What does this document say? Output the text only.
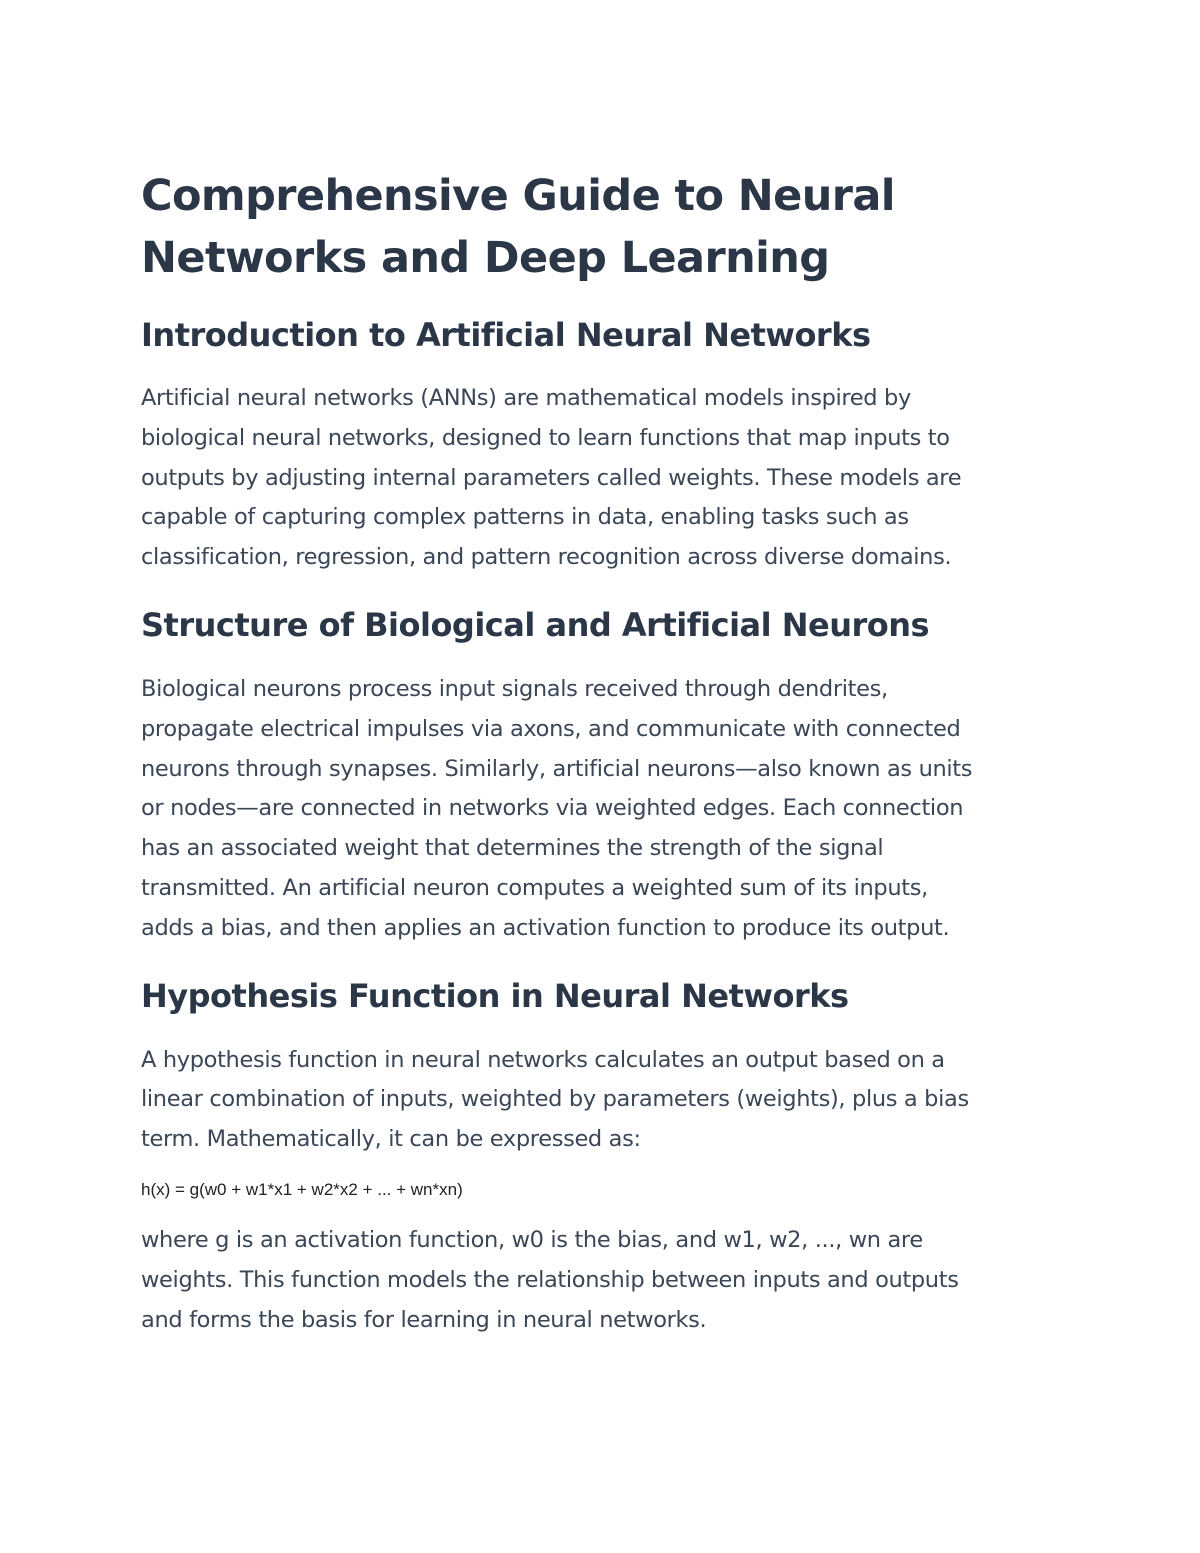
Comprehensive Guide to Neural
Networks and Deep Learning
Introduction to Artificial Neural Networks

Artificial neural networks (ANNs) are mathematical models inspired by
biological neural networks, designed to learn functions that map inputs to
outputs by adjusting internal parameters called weights. These models are
capable of capturing complex patterns in data, enabling tasks such as
classification, regression, and pattern recognition across diverse domains.

Structure of Biological and Artificial Neurons

Biological neurons process input signals received through dendrites,
propagate electrical impulses via axons, and communicate with connected
neurons through synapses. Similarly, artificial neurons—also known as units
or nodes—are connected in networks via weighted edges. Each connection
has an associated weight that determines the strength of the signal
transmitted. An artificial neuron computes a weighted sum of its inputs,
adds a bias, and then applies an activation function to produce its output.

Hypothesis Function in Neural Networks

A hypothesis function in neural networks calculates an output based on a
linear combination of inputs, weighted by parameters (weights), plus a bias
term. Mathematically, it can be expressed as:

h(x) = g(w0 + w1*x1 + w2*x2 + ... + wn*xn)

where g is an activation function, w0 is the bias, and w1, w2, ..., wn are
weights. This function models the relationship between inputs and outputs
and forms the basis for learning in neural networks.
